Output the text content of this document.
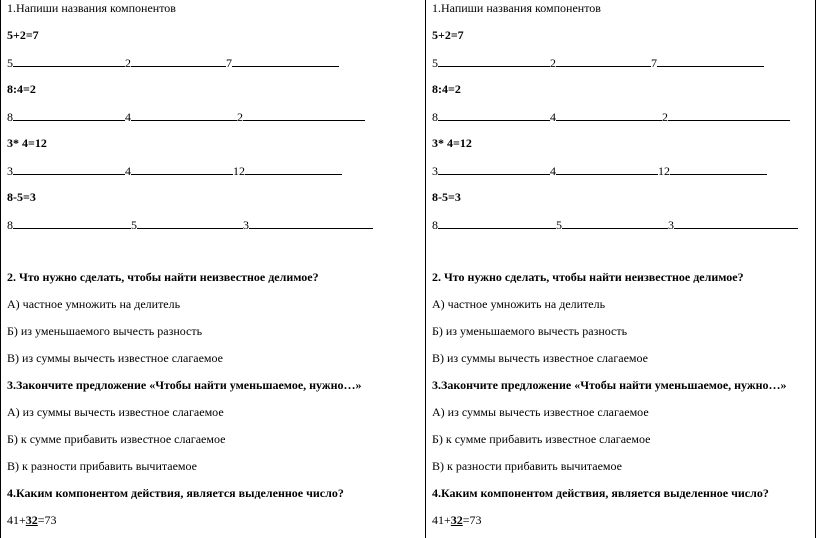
1.Напиши названия компонентов

5+2=7

5	2	7

8:4=2

8	4	2

3* 4=12

3	4	12

8-5=3

8	5	3

2. Что нужно сделать, чтобы найти неизвестное делимое?

А) частное умножить на делитель

Б) из уменьшаемого вычесть разность

В) из суммы вычесть известное слагаемое

3.Закончите предложение «Чтобы найти уменьшаемое, нужно…»

А) из суммы вычесть известное слагаемое

Б) к сумме прибавить известное слагаемое

В) к разности прибавить вычитаемое

4.Каким компонентом действия, является выделенное число?

41+32=73

1.Напиши названия компонентов

5+2=7

5	2	7

8:4=2

8	4	2

3* 4=12

3	4	12

8-5=3

8	5	3

2. Что нужно сделать, чтобы найти неизвестное делимое?

А) частное умножить на делитель

Б) из уменьшаемого вычесть разность

В) из суммы вычесть известное слагаемое

3.Закончите предложение «Чтобы найти уменьшаемое, нужно…»

А) из суммы вычесть известное слагаемое

Б) к сумме прибавить известное слагаемое

В) к разности прибавить вычитаемое

4.Каким компонентом действия, является выделенное число?

41+32=73
